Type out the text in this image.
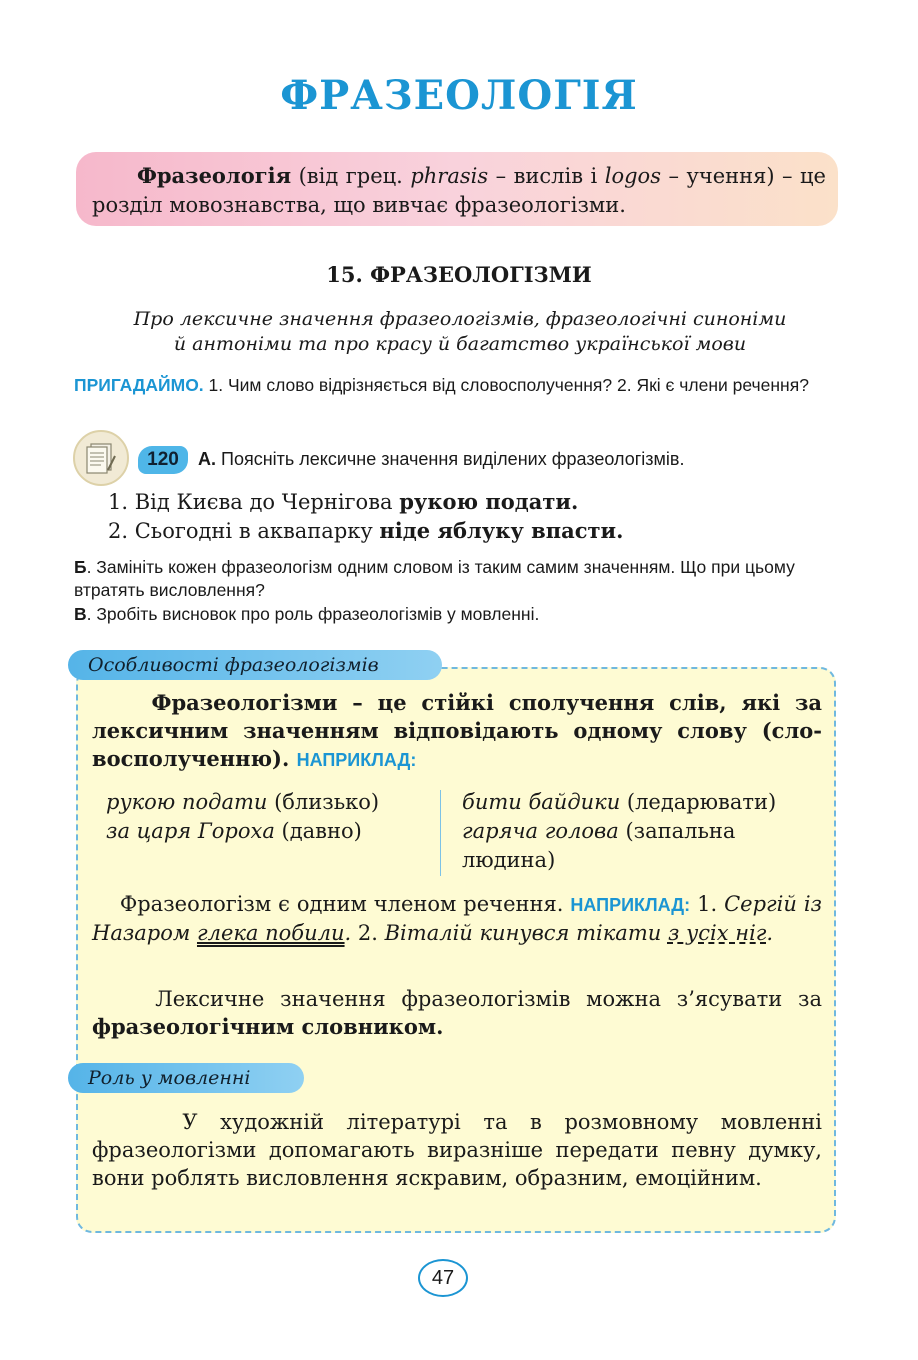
ФРАЗЕОЛОГІЯ
Фразеологія (від грец. phrasis – вислів і logos – учення) – це розділ мовознавства, що вивчає фразеологізми.
15. ФРАЗЕОЛОГІЗМИ
Про лексичне значення фразеологізмів, фразеологічні синоніми
й антоніми та про красу й багатство української мови
ПРИГАДАЙМО. 1. Чим слово відрізняється від словосполучення? 2. Які є члени речення?
120	А. Поясніть лексичне значення виділених фразеологізмів.
1. Від Києва до Чернігова рукою подати.
2. Сьогодні в аквапарку ніде яблуку впасти.
Б. Замініть кожен фразеологізм одним словом із таким самим значенням. Що при цьому втратять висловлення?
В. Зробіть висновок про роль фразеологізмів у мовленні.
Особливості фразеологізмів
Фразеологізми – це стійкі сполучення слів, які за лексичним значенням відповідають одному слову (словосполученню). НАПРИКЛАД:
рукою подати (близько)
за царя Гороха (давно)
бити байдики (ледарювати)
гаряча голова (запальна людина)
Фразеологізм є одним членом речення. НАПРИКЛАД: 1. Сергій із Назаром глека побили. 2. Віталій кинувся тікати з усіх ніг.
Лексичне значення фразеологізмів можна з’ясувати за фразеологічним словником.
Роль у мовленні
У художній літературі та в розмовному мовленні фразеологізми допомагають виразніше передати певну думку, вони роблять висловлення яскравим, образним, емоційним.
47
